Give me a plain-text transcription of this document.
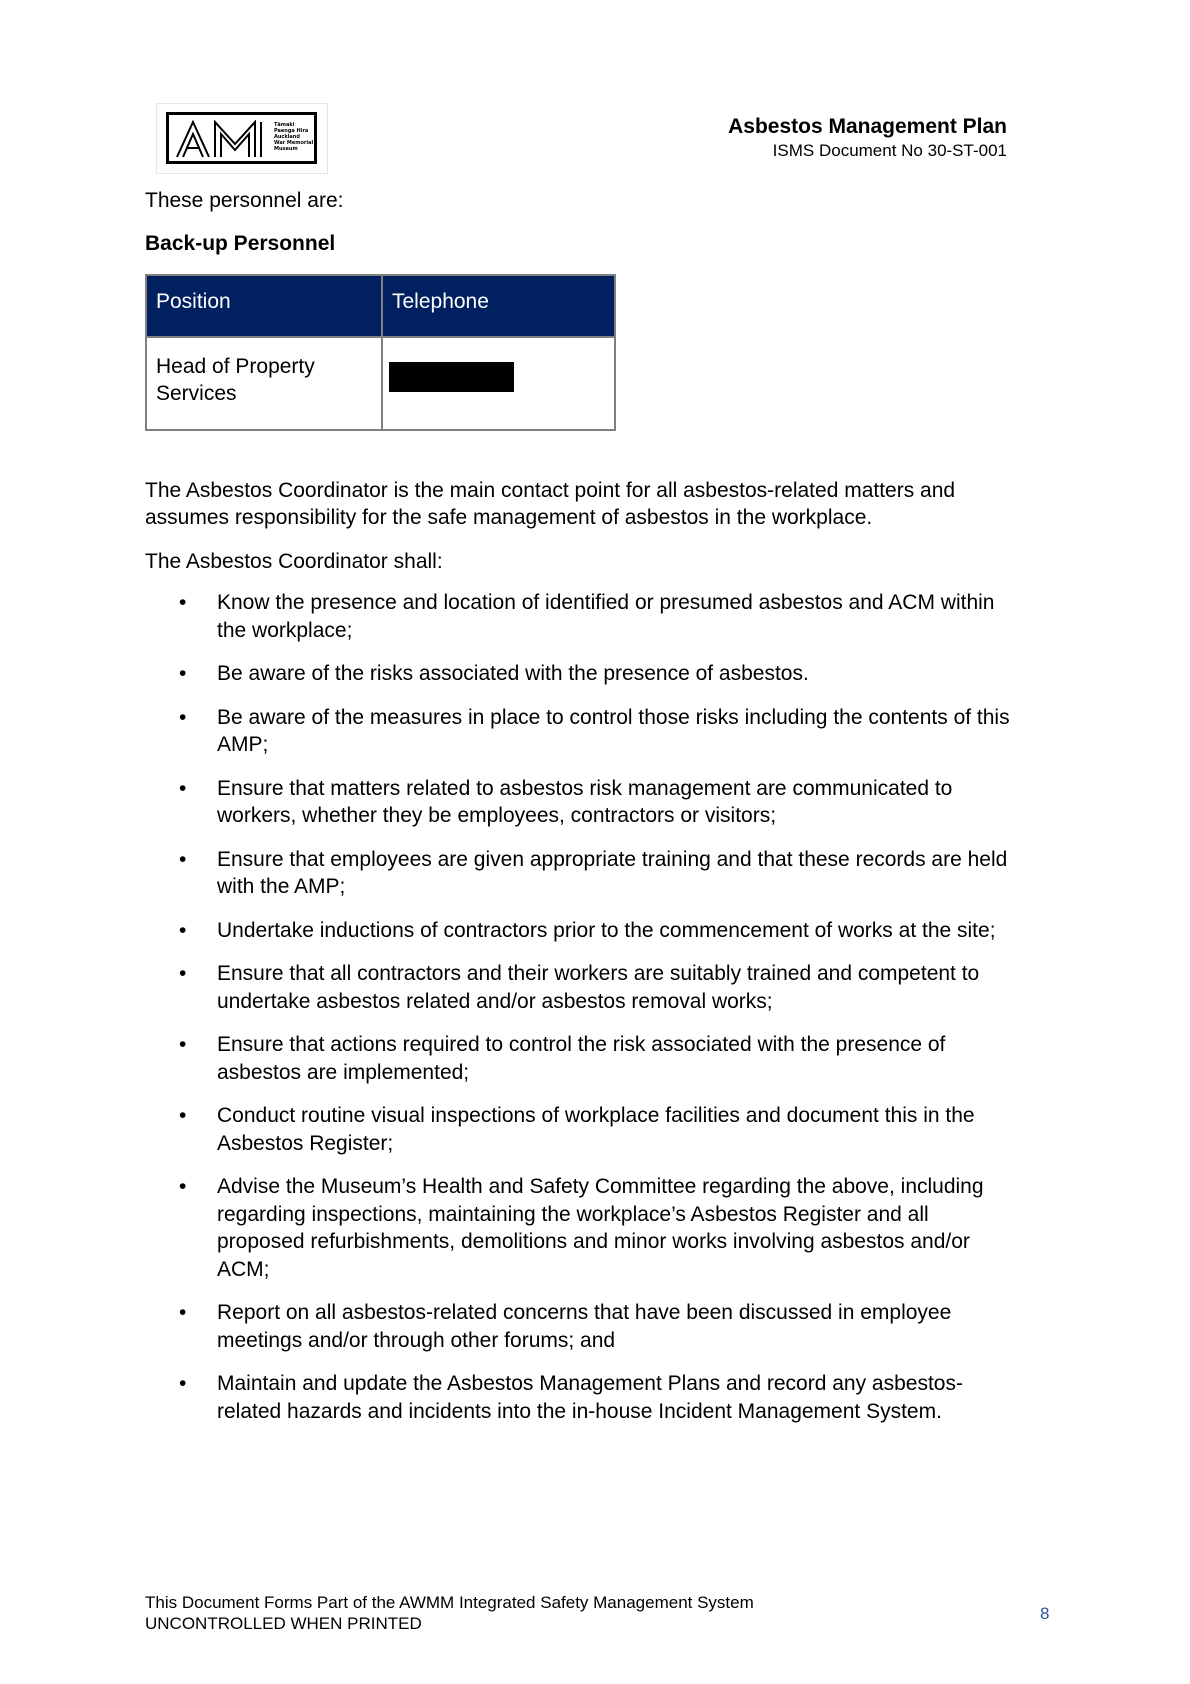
Tāmaki
Paenga Hira
Auckland
War Memorial
Museum
Asbestos Management Plan
ISMS Document No 30-ST-001
These personnel are:
Back-up Personnel
Position	Telephone
Head of Property
Services	
The Asbestos Coordinator is the main contact point for all asbestos-related matters and
assumes responsibility for the safe management of asbestos in the workplace.
The Asbestos Coordinator shall:
• Know the presence and location of identified or presumed asbestos and ACM within
the workplace;
• Be aware of the risks associated with the presence of asbestos.
• Be aware of the measures in place to control those risks including the contents of this
AMP;
• Ensure that matters related to asbestos risk management are communicated to
workers, whether they be employees, contractors or visitors;
• Ensure that employees are given appropriate training and that these records are held
with the AMP;
• Undertake inductions of contractors prior to the commencement of works at the site;
• Ensure that all contractors and their workers are suitably trained and competent to
undertake asbestos related and/or asbestos removal works;
• Ensure that actions required to control the risk associated with the presence of
asbestos are implemented;
• Conduct routine visual inspections of workplace facilities and document this in the
Asbestos Register;
• Advise the Museum’s Health and Safety Committee regarding the above, including
regarding inspections, maintaining the workplace’s Asbestos Register and all
proposed refurbishments, demolitions and minor works involving asbestos and/or
ACM;
• Report on all asbestos-related concerns that have been discussed in employee
meetings and/or through other forums; and
• Maintain and update the Asbestos Management Plans and record any asbestos-
related hazards and incidents into the in-house Incident Management System.
This Document Forms Part of the AWMM Integrated Safety Management System
UNCONTROLLED WHEN PRINTED
8
